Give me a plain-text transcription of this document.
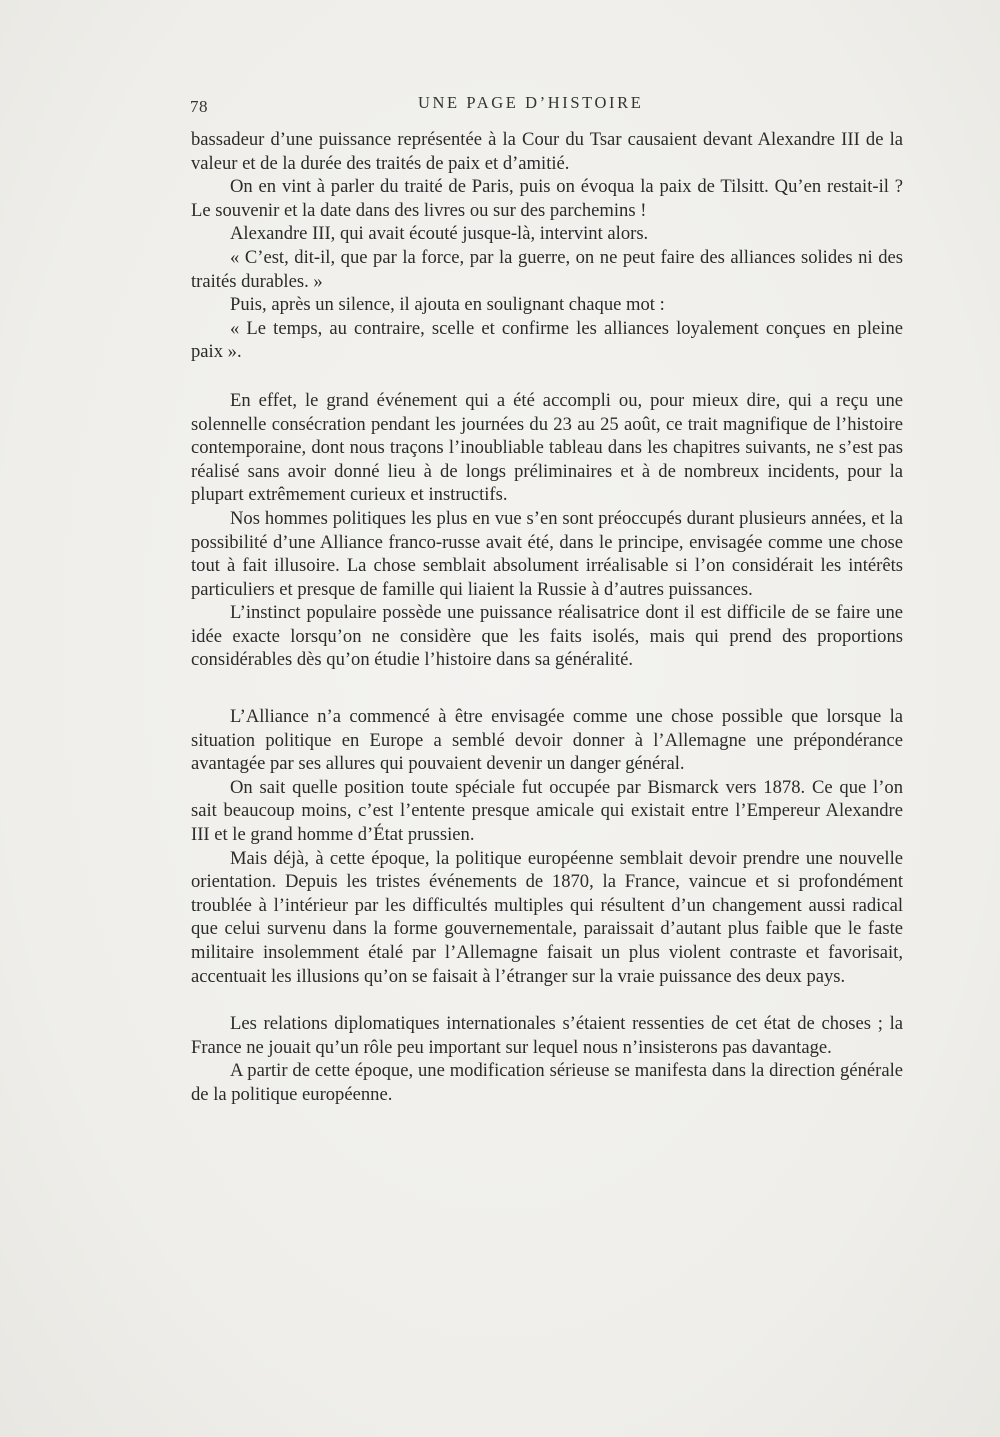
78	UNE PAGE D’HISTOIRE

bassadeur d’une puissance représentée à la Cour du Tsar causaient devant Alexandre III de la valeur et de la durée des traités de paix et d’amitié.

On en vint à parler du traité de Paris, puis on évoqua la paix de Tilsitt. Qu’en restait-il ? Le souvenir et la date dans des livres ou sur des parchemins !

Alexandre III, qui avait écouté jusque-là, intervint alors.

« C’est, dit-il, que par la force, par la guerre, on ne peut faire des alliances solides ni des traités durables. »

Puis, après un silence, il ajouta en soulignant chaque mot :

« Le temps, au contraire, scelle et confirme les alliances loyalement conçues en pleine paix ».

En effet, le grand événement qui a été accompli ou, pour mieux dire, qui a reçu une solennelle consécration pendant les journées du 23 au 25 août, ce trait magnifique de l’histoire contemporaine, dont nous traçons l’inoubliable tableau dans les chapitres suivants, ne s’est pas réalisé sans avoir donné lieu à de longs préliminaires et à de nombreux incidents, pour la plupart extrêmement curieux et instructifs.

Nos hommes politiques les plus en vue s’en sont préoccupés durant plusieurs années, et la possibilité d’une Alliance franco-russe avait été, dans le principe, envisagée comme une chose tout à fait illusoire. La chose semblait absolument irréalisable si l’on considérait les intérêts particuliers et presque de famille qui liaient la Russie à d’autres puissances.

L’instinct populaire possède une puissance réalisatrice dont il est difficile de se faire une idée exacte lorsqu’on ne considère que les faits isolés, mais qui prend des proportions considérables dès qu’on étudie l’histoire dans sa généralité.

L’Alliance n’a commencé à être envisagée comme une chose possible que lorsque la situation politique en Europe a semblé devoir donner à l’Allemagne une prépondérance avantagée par ses allures qui pouvaient devenir un danger général.

On sait quelle position toute spéciale fut occupée par Bismarck vers 1878. Ce que l’on sait beaucoup moins, c’est l’entente presque amicale qui existait entre l’Empereur Alexandre III et le grand homme d’État prussien.

Mais déjà, à cette époque, la politique européenne semblait devoir prendre une nouvelle orientation. Depuis les tristes événements de 1870, la France, vaincue et si profondément troublée à l’intérieur par les difficultés multiples qui résultent d’un changement aussi radical que celui survenu dans la forme gouvernementale, paraissait d’autant plus faible que le faste militaire insolemment étalé par l’Allemagne faisait un plus violent contraste et favorisait, accentuait les illusions qu’on se faisait à l’étranger sur la vraie puissance des deux pays.

Les relations diplomatiques internationales s’étaient ressenties de cet état de choses ; la France ne jouait qu’un rôle peu important sur lequel nous n’insisterons pas davantage.

A partir de cette époque, une modification sérieuse se manifesta dans la direction générale de la politique européenne.
